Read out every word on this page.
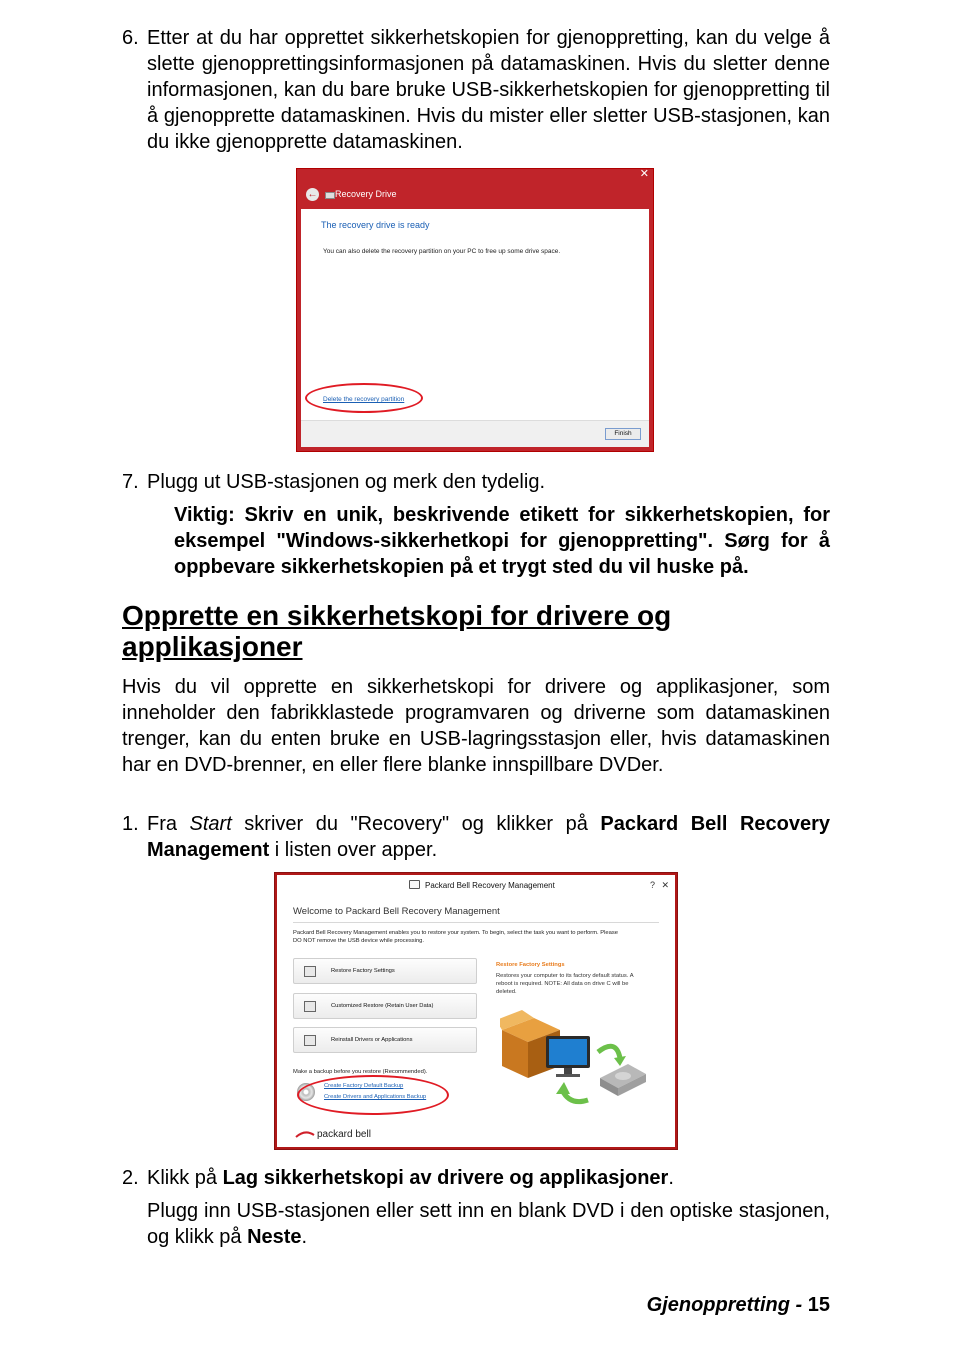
6. Etter at du har opprettet sikkerhetskopien for gjenoppretting, kan du velge å slette gjenopprettingsinformasjonen på datamaskinen. Hvis du sletter denne informasjonen, kan du bare bruke USB-sikkerhetskopien for gjenoppretting til å gjenopprette datamaskinen. Hvis du mister eller sletter USB-stasjonen, kan du ikke gjenopprette datamaskinen.
✕
← Recovery Drive
The recovery drive is ready
You can also delete the recovery partition on your PC to free up some drive space.
Delete the recovery partition
Finish
7. Plugg ut USB-stasjonen og merk den tydelig.
Viktig: Skriv en unik, beskrivende etikett for sikkerhetskopien, for eksempel "Windows-sikkerhetkopi for gjenoppretting". Sørg for å oppbevare sikkerhetskopien på et trygt sted du vil huske på.
Opprette en sikkerhetskopi for drivere og applikasjoner
Hvis du vil opprette en sikkerhetskopi for drivere og applikasjoner, som inneholder den fabrikklastede programvaren og driverne som datamaskinen trenger, kan du enten bruke en USB-lagringsstasjon eller, hvis datamaskinen har en DVD-brenner, en eller flere blanke innspillbare DVDer.
1. Fra Start skriver du "Recovery" og klikker på Packard Bell Recovery Management i listen over apper.
Packard Bell Recovery Management	? ✕
Welcome to Packard Bell Recovery Management
Packard Bell Recovery Management enables you to restore your system. To begin, select the task you want to perform. Please
DO NOT remove the USB device while processing.
Restore Factory Settings
Customized Restore (Retain User Data)
Reinstall Drivers or Applications
Restore Factory Settings
Restores your computer to its factory default status. A
reboot is required. NOTE: All data on drive C will be
deleted.
Make a backup before you restore (Recommended).
Create Factory Default Backup
Create Drivers and Applications Backup
packard bell
2. Klikk på Lag sikkerhetskopi av drivere og applikasjoner.
Plugg inn USB-stasjonen eller sett inn en blank DVD i den optiske stasjonen, og klikk på Neste.
Gjenoppretting - 15
